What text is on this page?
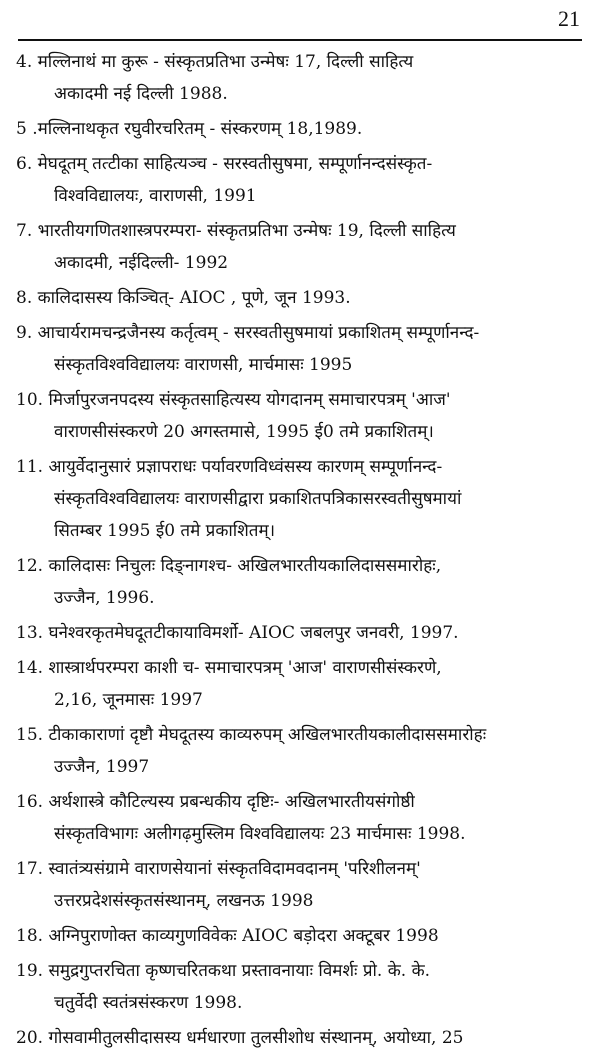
21
4. मल्लिनाथं मा कुरू - संस्कृतप्रतिभा उन्मेषः 17, दिल्ली साहित्य
अकादमी नई दिल्ली 1988.
5 .मल्लिनाथकृत रघुवीरचरितम् - संस्करणम् 18,1989.
6. मेघदूतम् तत्टीका साहित्यञ्च - सरस्वतीसुषमा, सम्पूर्णानन्दसंस्कृत-
विश्वविद्यालयः, वाराणसी, 1991
7. भारतीयगणितशास्त्रपरम्परा- संस्कृतप्रतिभा उन्मेषः 19, दिल्ली साहित्य
अकादमी, नईदिल्ली- 1992
8. कालिदासस्य किञ्चित्- AIOC , पूणे, जून 1993.
9. आचार्यरामचन्द्रजैनस्य कर्तृत्वम् - सरस्वतीसुषमायां प्रकाशितम् सम्पूर्णानन्द-
संस्कृतविश्वविद्यालयः वाराणसी, मार्चमासः 1995
10. मिर्जापुरजनपदस्य संस्कृतसाहित्यस्य योगदानम् समाचारपत्रम् 'आज'
वाराणसीसंस्करणे 20 अगस्तमासे, 1995 ई0 तमे प्रकाशितम्।
11. आयुर्वेदानुसारं प्रज्ञापराधः पर्यावरणविध्वंसस्य कारणम् सम्पूर्णानन्द-
संस्कृतविश्वविद्यालयः वाराणसीद्वारा प्रकाशितपत्रिकासरस्वतीसुषमायां
सितम्बर 1995 ई0 तमे प्रकाशितम्।
12. कालिदासः निचुलः दिङ्नागश्च- अखिलभारतीयकालिदाससमारोहः,
उज्जैन, 1996.
13. घनेश्वरकृतमेघदूतटीकायाविमर्शो- AIOC जबलपुर जनवरी, 1997.
14. शास्त्रार्थपरम्परा काशी च- समाचारपत्रम् 'आज' वाराणसीसंस्करणे,
2,16, जूनमासः 1997
15. टीकाकाराणां दृष्टौ मेघदूतस्य काव्यरुपम् अखिलभारतीयकालीदाससमारोहः
उज्जैन, 1997
16. अर्थशास्त्रे कौटिल्यस्य प्रबन्धकीय दृष्टिः- अखिलभारतीयसंगोष्ठी
संस्कृतविभागः अलीगढ़मुस्लिम विश्वविद्यालयः 23 मार्चमासः 1998.
17. स्वातंत्र्यसंग्रामे वाराणसेयानां संस्कृतविदामवदानम् 'परिशीलनम्'
उत्तरप्रदेशसंस्कृतसंस्थानम्, लखनऊ 1998
18. अग्निपुराणोक्त काव्यगुणविवेकः AIOC बड़ोदरा अक्टूबर 1998
19. समुद्रगुप्तरचिता कृष्णचरितकथा प्रस्तावनायाः विमर्शः प्रो. के. के.
चतुर्वेदी स्वतंत्रसंस्करण 1998.
20. गोसवामीतुलसीदासस्य धर्मधारणा तुलसीशोध संस्थानम्, अयोध्या, 25
